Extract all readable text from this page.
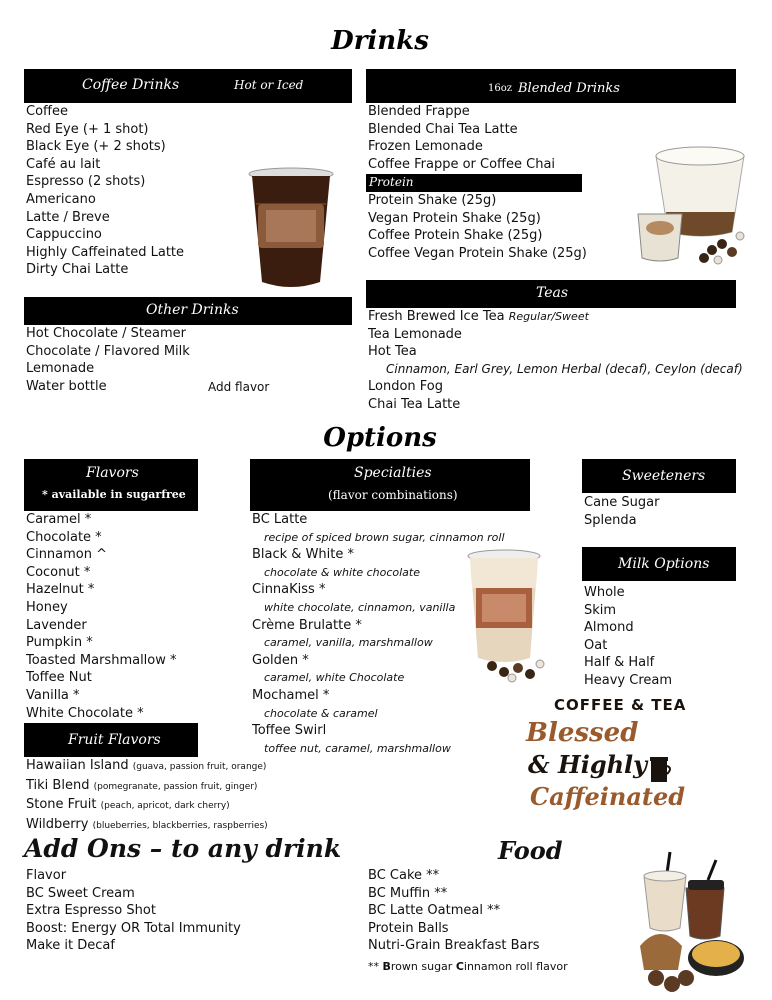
Drinks
Coffee Drinks	Hot or Iced
Coffee
Red Eye (+ 1 shot)
Black Eye (+ 2 shots)
Café au lait
Espresso (2 shots)
Americano
Latte / Breve
Cappuccino
Highly Caffeinated Latte
Dirty Chai Latte
16oz Blended Drinks
Blended Frappe
Blended Chai Tea Latte
Frozen Lemonade
Coffee Frappe or Coffee Chai
Protein
Protein Shake (25g)
Vegan Protein Shake (25g)
Coffee Protein Shake (25g)
Coffee Vegan Protein Shake (25g)
Other Drinks
Hot Chocolate / Steamer
Chocolate / Flavored Milk
Lemonade
Water bottle	Add flavor
Teas
Fresh Brewed Ice Tea Regular/Sweet
Tea Lemonade
Hot Tea
Cinnamon, Earl Grey, Lemon Herbal (decaf), Ceylon (decaf)
London Fog
Chai Tea Latte
Options
Flavors
* available in sugarfree
Caramel *
Chocolate *
Cinnamon ^
Coconut *
Hazelnut *
Honey
Lavender
Pumpkin *
Toasted Marshmallow *
Toffee Nut
Vanilla *
White Chocolate *
Specialties
(flavor combinations)
BC Latte
recipe of spiced brown sugar, cinnamon roll
Black & White *
chocolate & white chocolate
CinnaKiss *
white chocolate, cinnamon, vanilla
Crème Brulatte *
caramel, vanilla, marshmallow
Golden *
caramel, white Chocolate
Mochamel *
chocolate & caramel
Toffee Swirl
toffee nut, caramel, marshmallow
Sweeteners
Cane Sugar
Splenda
Milk Options
Whole
Skim
Almond
Oat
Half & Half
Heavy Cream
Fruit Flavors
Hawaiian Island (guava, passion fruit, orange)
Tiki Blend (pomegranate, passion fruit, ginger)
Stone Fruit (peach, apricot, dark cherry)
Wildberry (blueberries, blackberries, raspberries)
COFFEE & TEA
Blessed
& Highly
Caffeinated
Add Ons – to any drink
Flavor
BC Sweet Cream
Extra Espresso Shot
Boost: Energy OR Total Immunity
Make it Decaf
Food
BC Cake **
BC Muffin **
BC Latte Oatmeal **
Protein Balls
Nutri-Grain Breakfast Bars
** Brown sugar Cinnamon roll flavor
